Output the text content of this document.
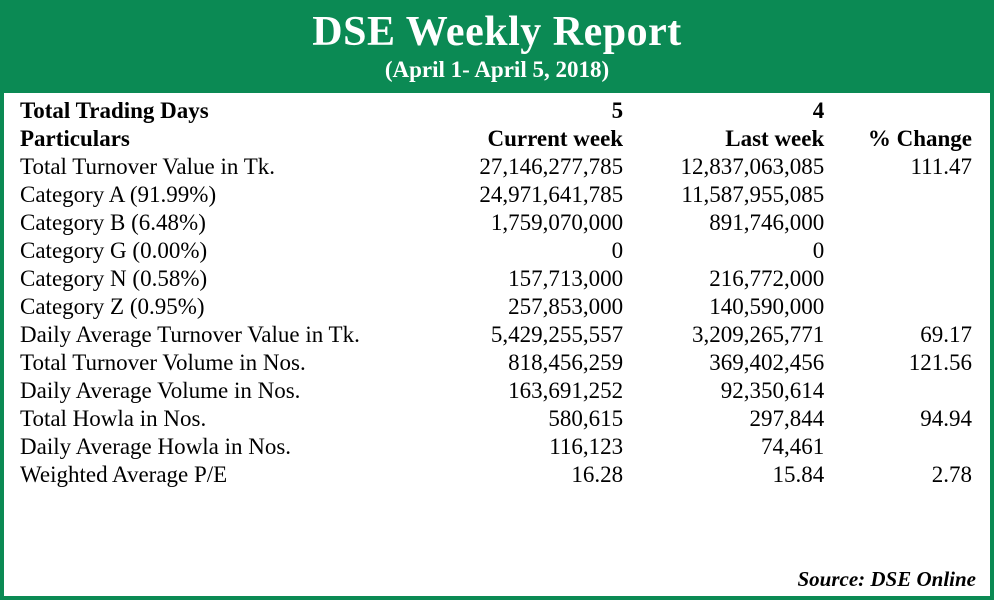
DSE Weekly Report
(April 1- April 5, 2018)
Total Trading Days	5	4	
Particulars	Current week	Last week	% Change
Total Turnover Value in Tk.	27,146,277,785	12,837,063,085	111.47
Category A (91.99%)	24,971,641,785	11,587,955,085	
Category B (6.48%)	1,759,070,000	891,746,000	
Category G (0.00%)	0	0	
Category N (0.58%)	157,713,000	216,772,000	
Category Z (0.95%)	257,853,000	140,590,000	
Daily Average Turnover Value in Tk.	5,429,255,557	3,209,265,771	69.17
Total Turnover Volume in Nos.	818,456,259	369,402,456	121.56
Daily Average Volume in Nos.	163,691,252	92,350,614	
Total Howla in Nos.	580,615	297,844	94.94
Daily Average Howla in Nos.	116,123	74,461	
Weighted Average P/E	16.28	15.84	2.78
Source: DSE Online
